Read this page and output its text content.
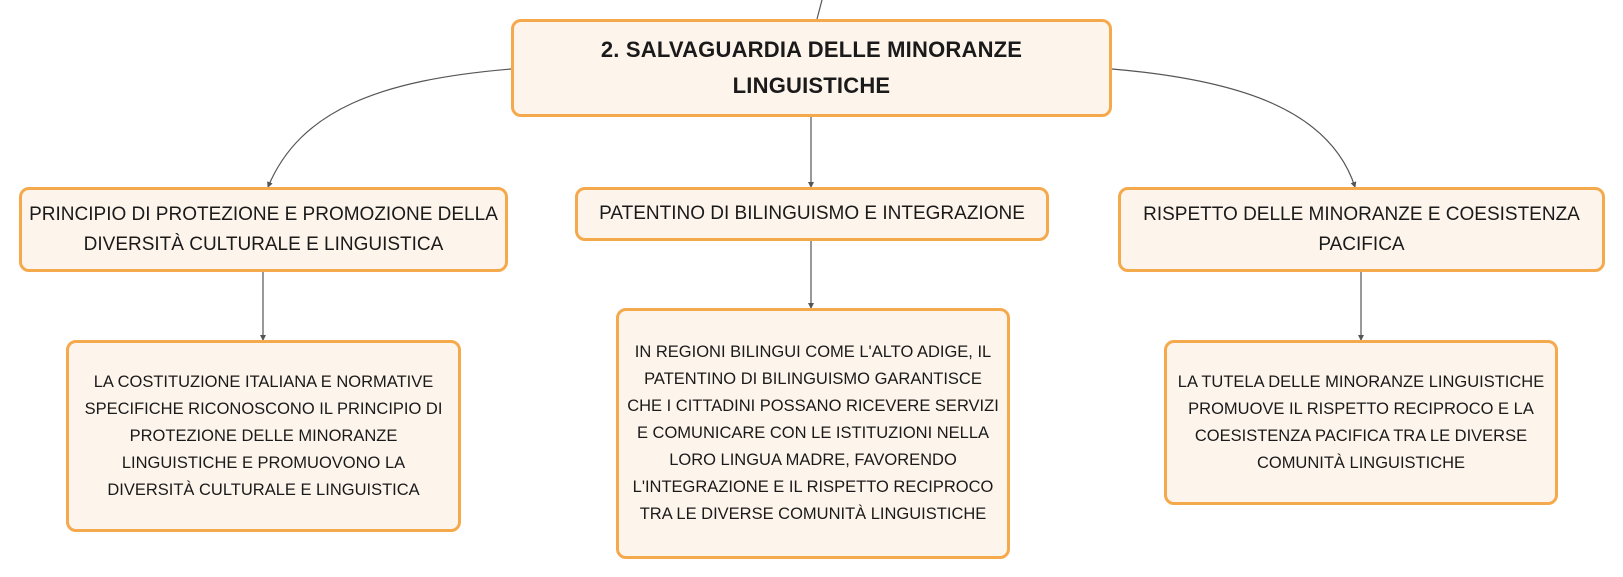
2. SALVAGUARDIA DELLE MINORANZE
LINGUISTICHE
PRINCIPIO DI PROTEZIONE E PROMOZIONE DELLA
DIVERSITÀ CULTURALE E LINGUISTICA
PATENTINO DI BILINGUISMO E INTEGRAZIONE	RISPETTO DELLE MINORANZE E COESISTENZA
PACIFICA
LA COSTITUZIONE ITALIANA E NORMATIVE
SPECIFICHE RICONOSCONO IL PRINCIPIO DI
PROTEZIONE DELLE MINORANZE
LINGUISTICHE E PROMUOVONO LA
DIVERSITÀ CULTURALE E LINGUISTICA
IN REGIONI BILINGUI COME L'ALTO ADIGE, IL
PATENTINO DI BILINGUISMO GARANTISCE
CHE I CITTADINI POSSANO RICEVERE SERVIZI
E COMUNICARE CON LE ISTITUZIONI NELLA
LORO LINGUA MADRE, FAVORENDO
L'INTEGRAZIONE E IL RISPETTO RECIPROCO
TRA LE DIVERSE COMUNITÀ LINGUISTICHE
LA TUTELA DELLE MINORANZE LINGUISTICHE
PROMUOVE IL RISPETTO RECIPROCO E LA
COESISTENZA PACIFICA TRA LE DIVERSE
COMUNITÀ LINGUISTICHE
